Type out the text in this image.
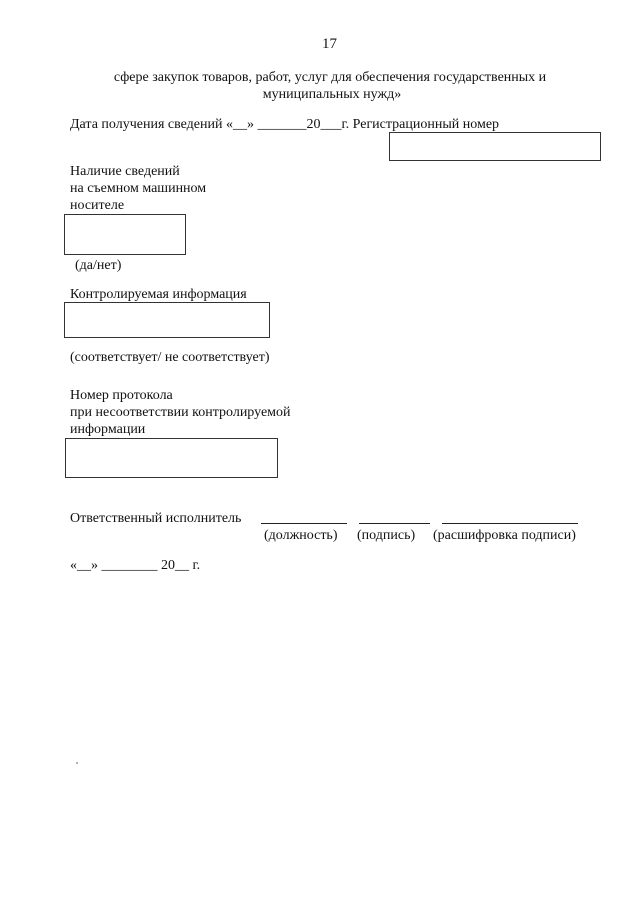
17
сфере закупок товаров, работ, услуг для обеспечения государственных и
муниципальных нужд»
Дата получения сведений «__» _______20___г. Регистрационный номер
Наличие сведений
на съемном машинном
носителе
(да/нет)
Контролируемая информация
(соответствует/ не соответствует)
Номер протокола
при несоответствии контролируемой
информации
Ответственный исполнитель
(должность) (подпись) (расшифровка подписи)
«__» ________ 20__ г.
